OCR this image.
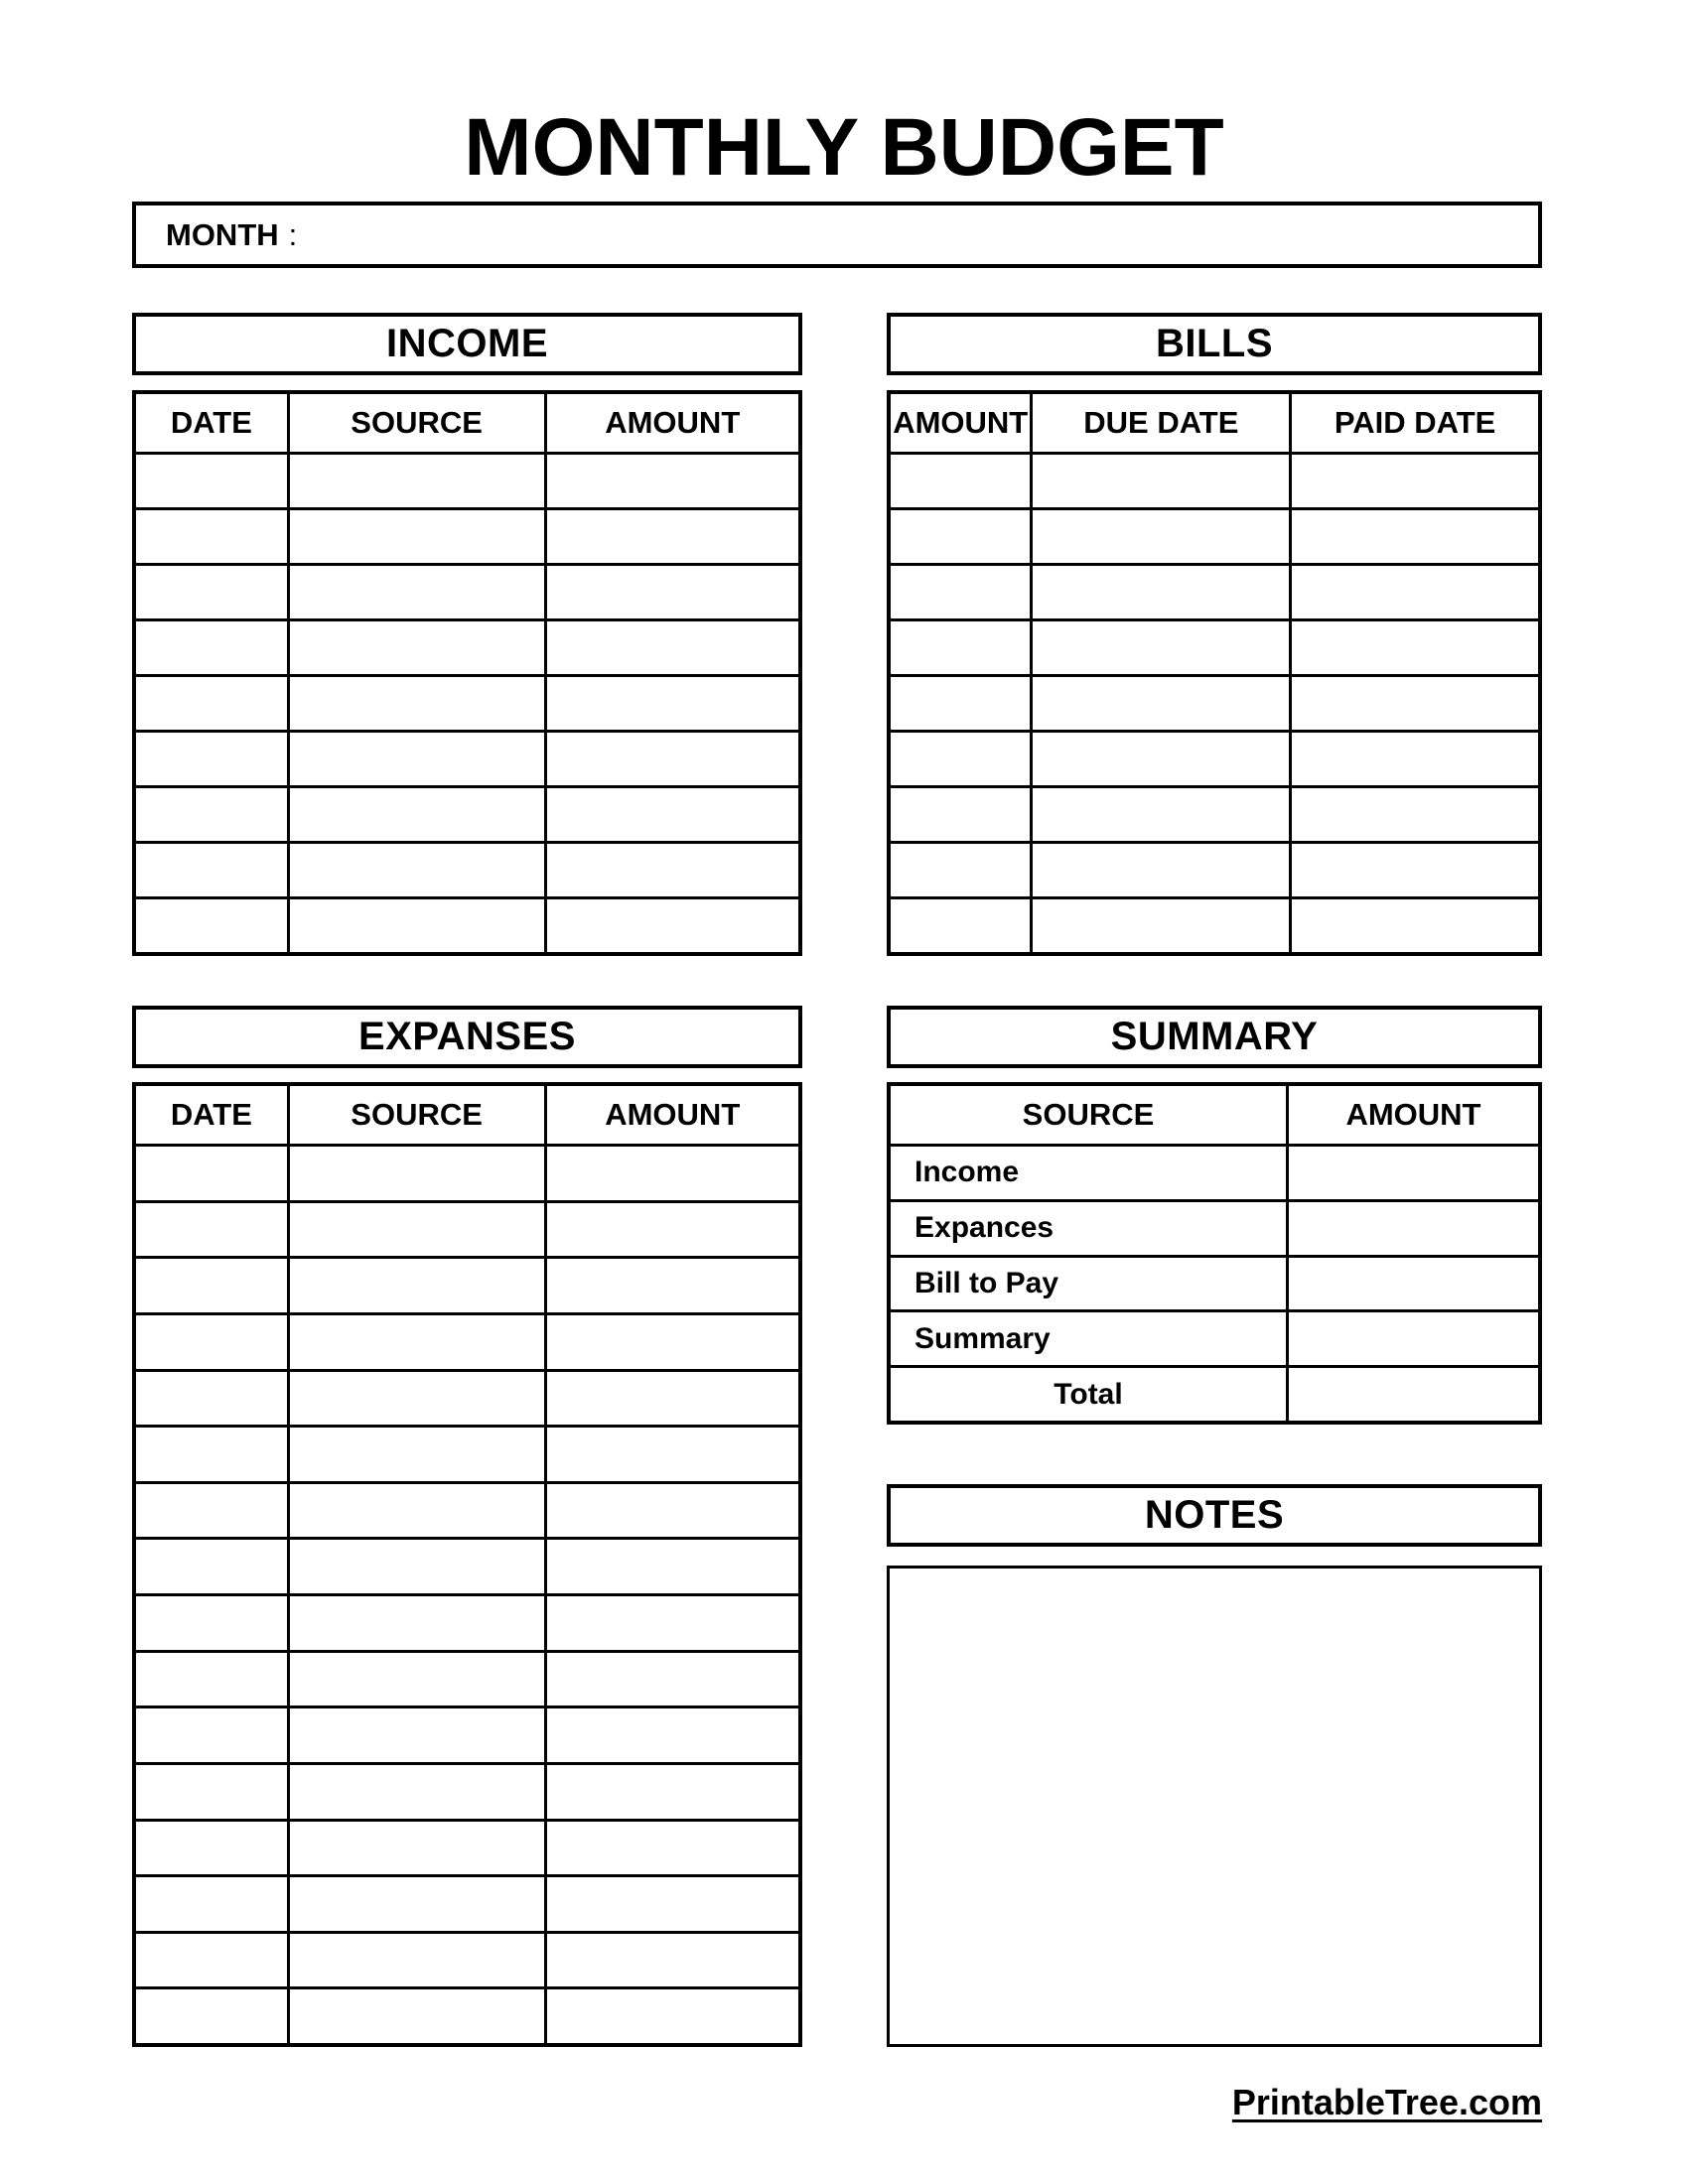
MONTHLY BUDGET
MONTH :
INCOME
DATE	SOURCE	AMOUNT
BILLS
AMOUNT	DUE DATE	PAID DATE
EXPANSES
DATE	SOURCE	AMOUNT
SUMMARY
SOURCE	AMOUNT
Income
Expances
Bill to Pay
Summary
Total
NOTES
PrintableTree.com
